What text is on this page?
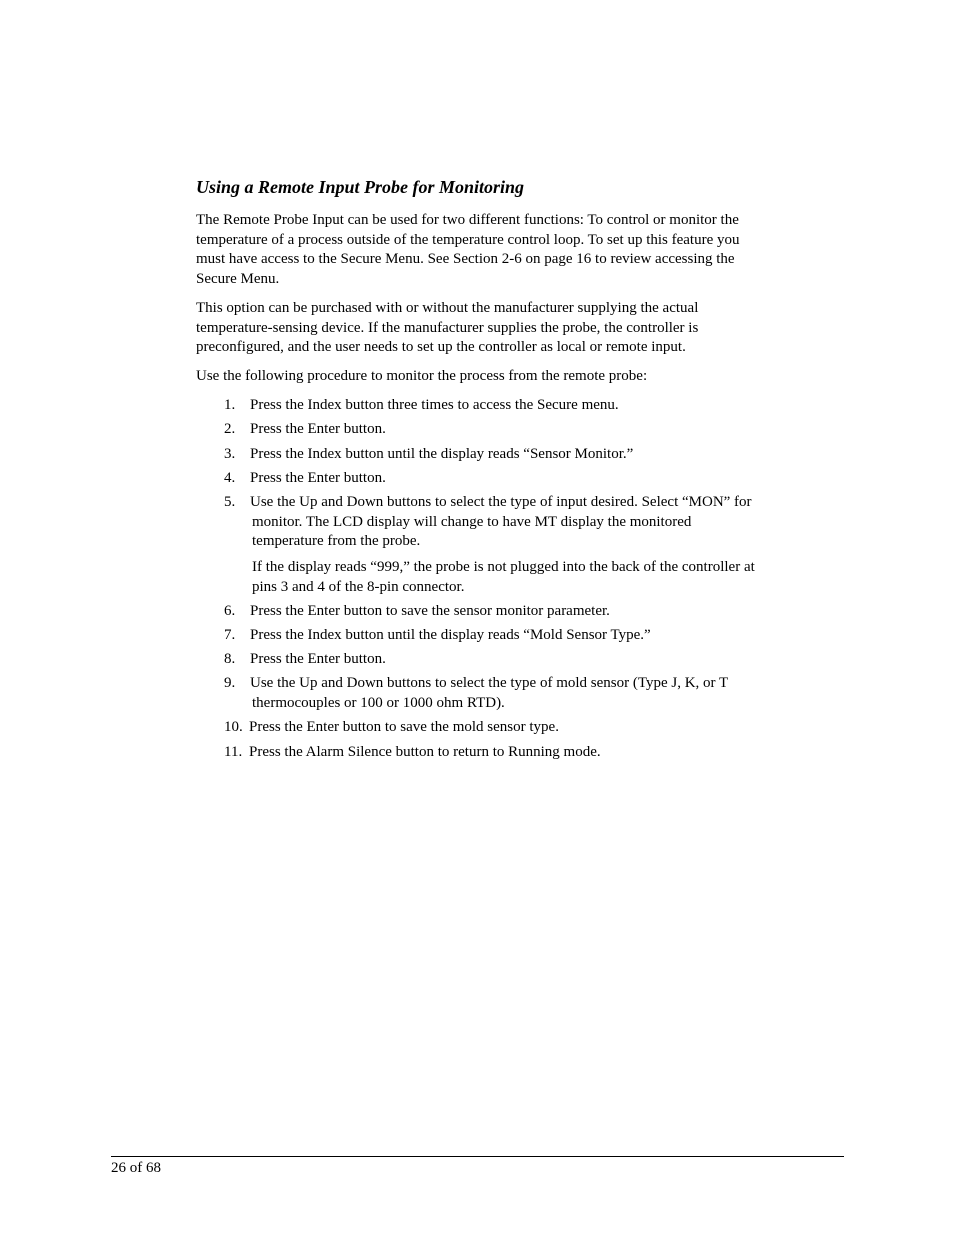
Using a Remote Input Probe for Monitoring

The Remote Probe Input can be used for two different functions: To control or monitor the
temperature of a process outside of the temperature control loop. To set up this feature you
must have access to the Secure Menu. See Section 2-6 on page 16 to review accessing the
Secure Menu.

This option can be purchased with or without the manufacturer supplying the actual
temperature-sensing device. If the manufacturer supplies the probe, the controller is
preconfigured, and the user needs to set up the controller as local or remote input.

Use the following procedure to monitor the process from the remote probe:

1. Press the Index button three times to access the Secure menu.
2. Press the Enter button.
3. Press the Index button until the display reads “Sensor Monitor.”
4. Press the Enter button.
5. Use the Up and Down buttons to select the type of input desired. Select “MON” for
monitor. The LCD display will change to have MT display the monitored
temperature from the probe.

If the display reads “999,” the probe is not plugged into the back of the controller at
pins 3 and 4 of the 8-pin connector.

6. Press the Enter button to save the sensor monitor parameter.
7. Press the Index button until the display reads “Mold Sensor Type.”
8. Press the Enter button.
9. Use the Up and Down buttons to select the type of mold sensor (Type J, K, or T
thermocouples or 100 or 1000 ohm RTD).
10. Press the Enter button to save the mold sensor type.
11. Press the Alarm Silence button to return to Running mode.

26 of 68
